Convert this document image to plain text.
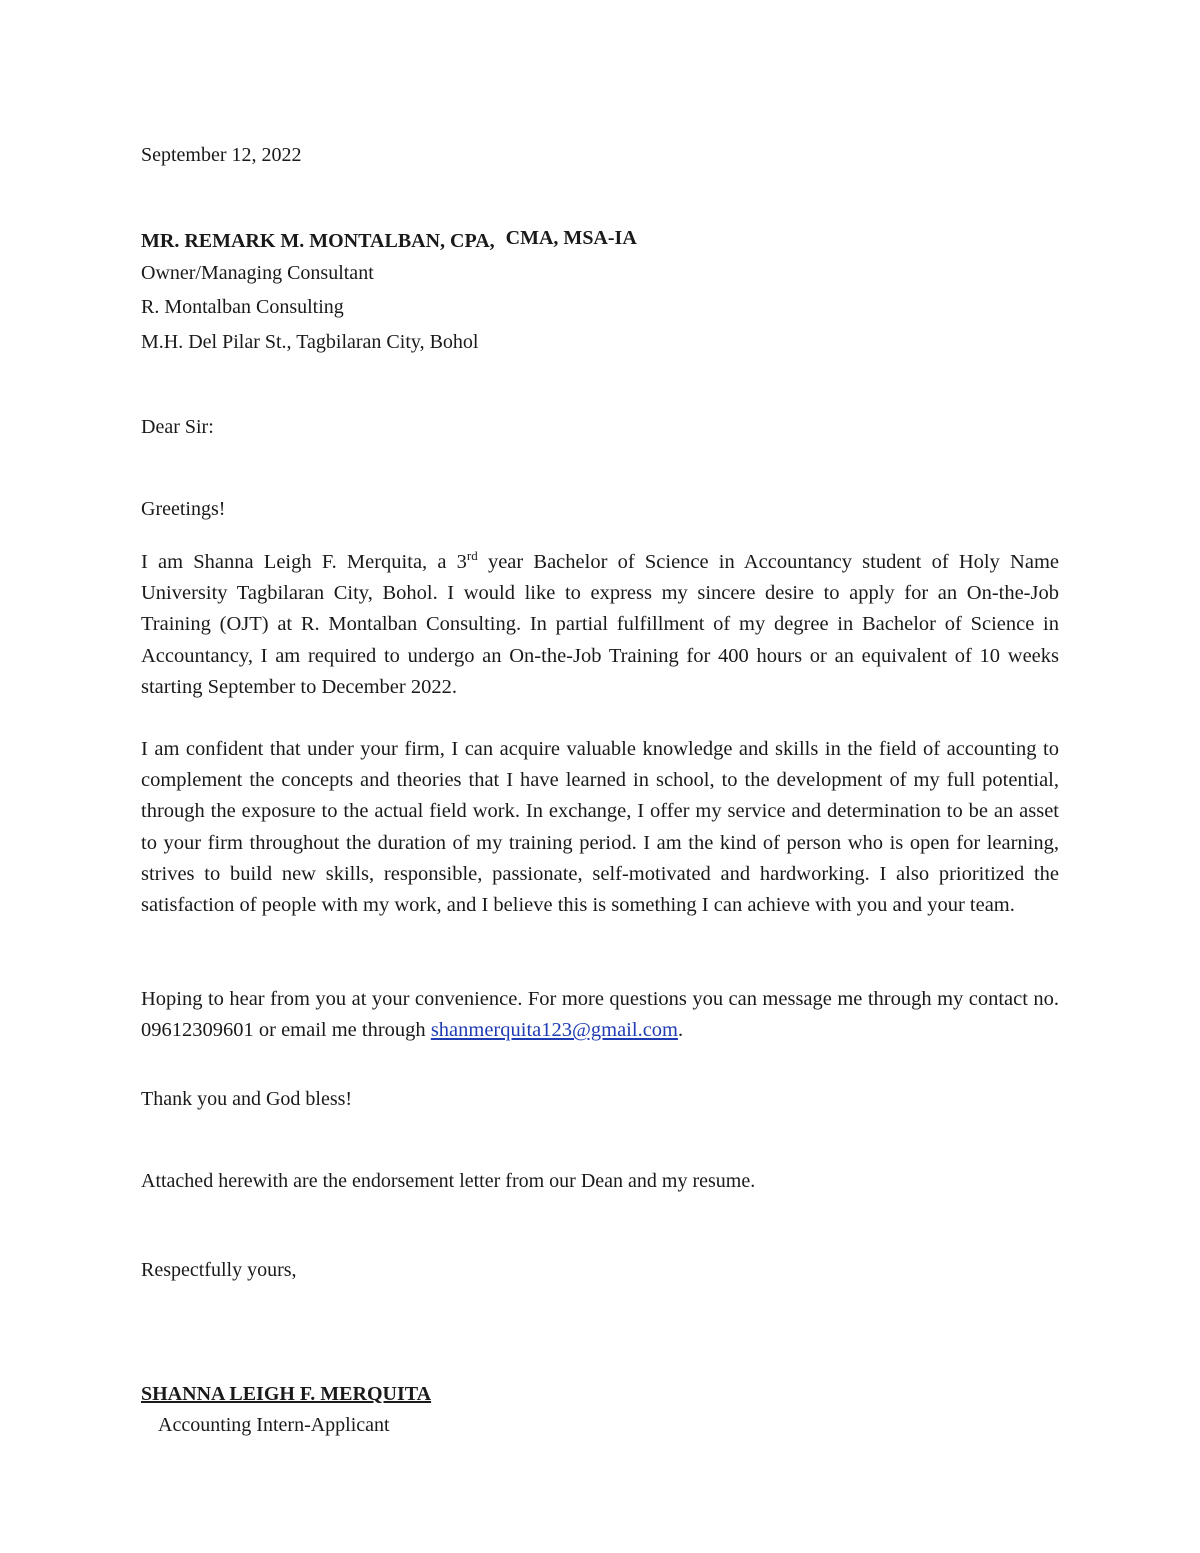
September 12, 2022
MR. REMARK M. MONTALBAN, CPA, CMA, MSA-IA
Owner/Managing Consultant
R. Montalban Consulting
M.H. Del Pilar St., Tagbilaran City, Bohol
Dear Sir:
Greetings!
I am Shanna Leigh F. Merquita, a 3rd year Bachelor of Science in Accountancy student of Holy Name University Tagbilaran City, Bohol. I would like to express my sincere desire to apply for an On-the-Job Training (OJT) at R. Montalban Consulting. In partial fulfillment of my degree in Bachelor of Science in Accountancy, I am required to undergo an On-the-Job Training for 400 hours or an equivalent of 10 weeks starting September to December 2022.
I am confident that under your firm, I can acquire valuable knowledge and skills in the field of accounting to complement the concepts and theories that I have learned in school, to the development of my full potential, through the exposure to the actual field work. In exchange, I offer my service and determination to be an asset to your firm throughout the duration of my training period. I am the kind of person who is open for learning, strives to build new skills, responsible, passionate, self-motivated and hardworking. I also prioritized the satisfaction of people with my work, and I believe this is something I can achieve with you and your team.
Hoping to hear from you at your convenience. For more questions you can message me through my contact no. 09612309601 or email me through shanmerquita123@gmail.com.
Thank you and God bless!
Attached herewith are the endorsement letter from our Dean and my resume.
Respectfully yours,
SHANNA LEIGH F. MERQUITA
Accounting Intern-Applicant
